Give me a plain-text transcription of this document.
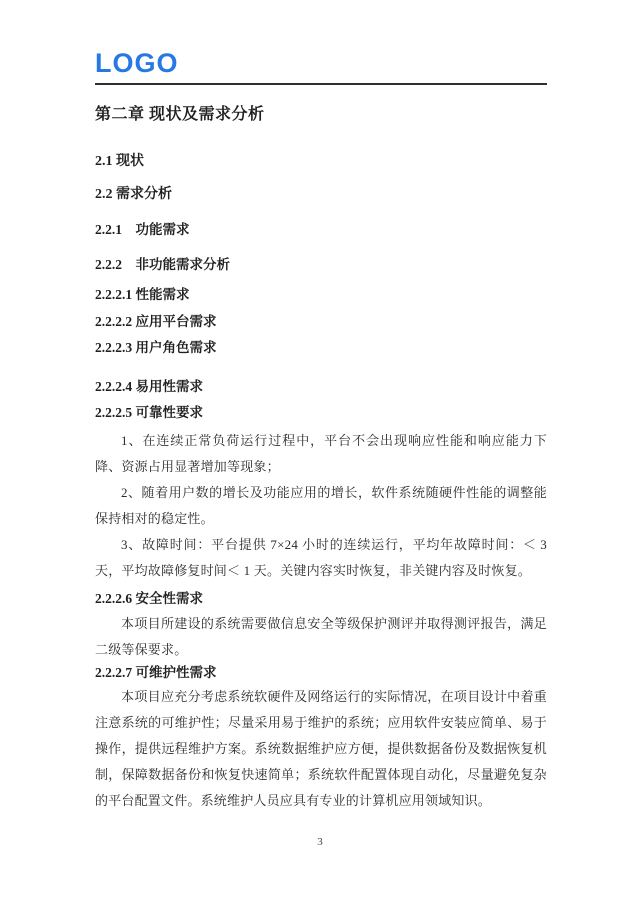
LOGO
第二章 现状及需求分析
2.1 现状
2.2 需求分析
2.2.1　功能需求
2.2.2　非功能需求分析
2.2.2.1 性能需求
2.2.2.2 应用平台需求
2.2.2.3 用户角色需求
2.2.2.4 易用性需求
2.2.2.5 可靠性要求

1、在连续正常负荷运行过程中，平台不会出现响应性能和响应能力下降、资源占用显著增加等现象；

2、随着用户数的增长及功能应用的增长，软件系统随硬件性能的调整能保持相对的稳定性。

3、故障时间：平台提供 7×24 小时的连续运行，平均年故障时间：＜ 3 天，平均故障修复时间＜ 1 天。关键内容实时恢复，非关键内容及时恢复。

2.2.2.6 安全性需求

本项目所建设的系统需要做信息安全等级保护测评并取得测评报告，满足二级等保要求。

2.2.2.7 可维护性需求

本项目应充分考虑系统软硬件及网络运行的实际情况，在项目设计中着重注意系统的可维护性；尽量采用易于维护的系统；应用软件安装应简单、易于操作，提供远程维护方案。系统数据维护应方便，提供数据备份及数据恢复机制，保障数据备份和恢复快速简单；系统软件配置体现自动化，尽量避免复杂的平台配置文件。系统维护人员应具有专业的计算机应用领域知识。

3
